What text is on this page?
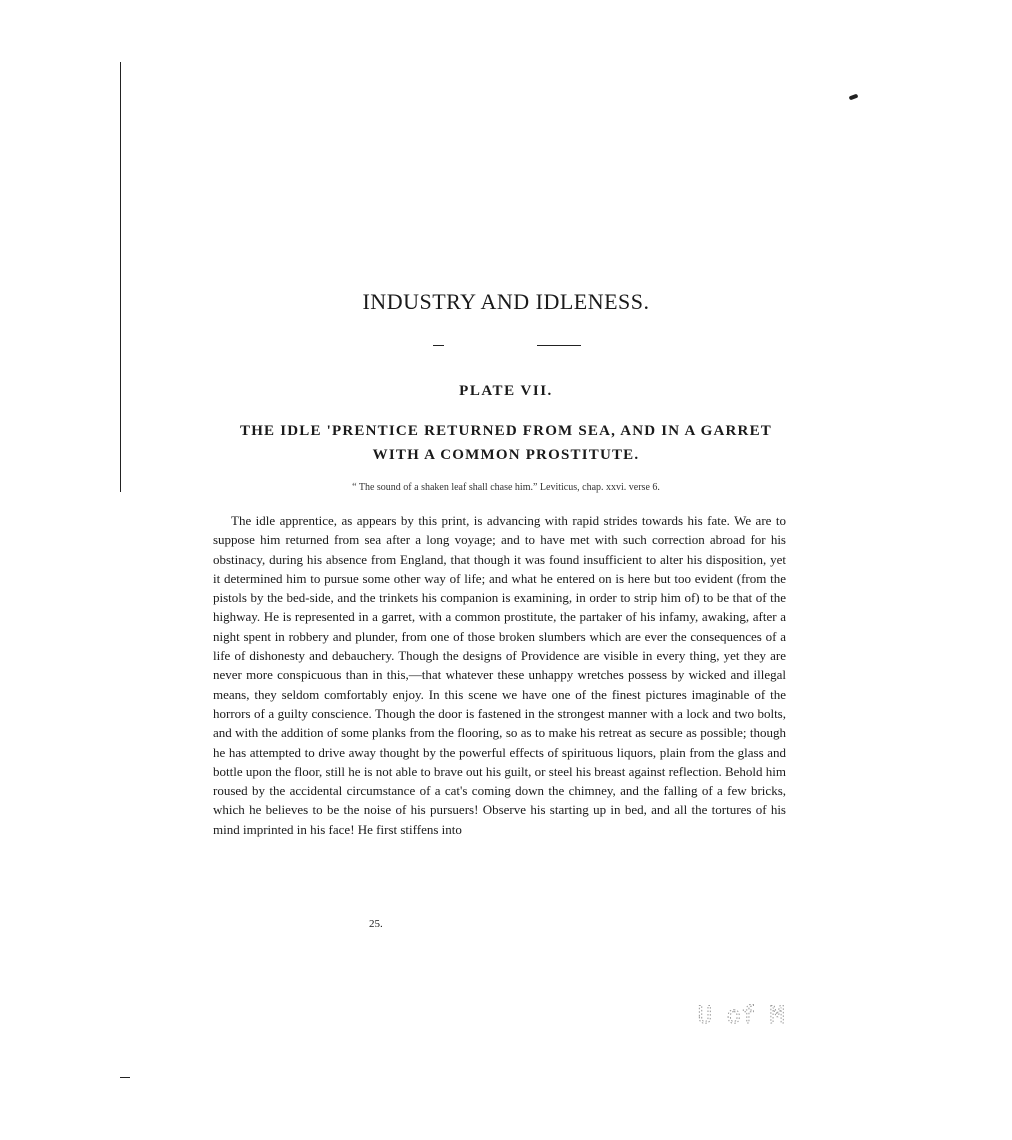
INDUSTRY AND IDLENESS.
PLATE VII.
THE IDLE 'PRENTICE RETURNED FROM SEA, AND IN A GARRET WITH A COMMON PROSTITUTE.

“ The sound of a shaken leaf shall chase him.” Leviticus, chap. xxvi. verse 6.

The idle apprentice, as appears by this print, is advancing with rapid strides towards his fate. We are to suppose him returned from sea after a long voyage; and to have met with such correction abroad for his obstinacy, during his absence from England, that though it was found insufficient to alter his disposition, yet it determined him to pursue some other way of life; and what he entered on is here but too evident (from the pistols by the bed-side, and the trinkets his companion is examining, in order to strip him of) to be that of the highway. He is represented in a garret, with a common prostitute, the partaker of his infamy, awaking, after a night spent in robbery and plunder, from one of those broken slumbers which are ever the consequences of a life of dishonesty and debauchery. Though the designs of Providence are visible in every thing, yet they are never more conspicuous than in this,—that whatever these unhappy wretches possess by wicked and illegal means, they seldom comfortably enjoy. In this scene we have one of the finest pictures imaginable of the horrors of a guilty conscience. Though the door is fastened in the strongest manner with a lock and two bolts, and with the addition of some planks from the flooring, so as to make his retreat as secure as possible; though he has attempted to drive away thought by the powerful effects of spirituous liquors, plain from the glass and bottle upon the floor, still he is not able to brave out his guilt, or steel his breast against reflection. Behold him roused by the accidental circumstance of a cat's coming down the chimney, and the falling of a few bricks, which he believes to be the noise of his pursuers! Observe his starting up in bed, and all the tortures of his mind imprinted in his face! He first stiffens into

25.

U of M
